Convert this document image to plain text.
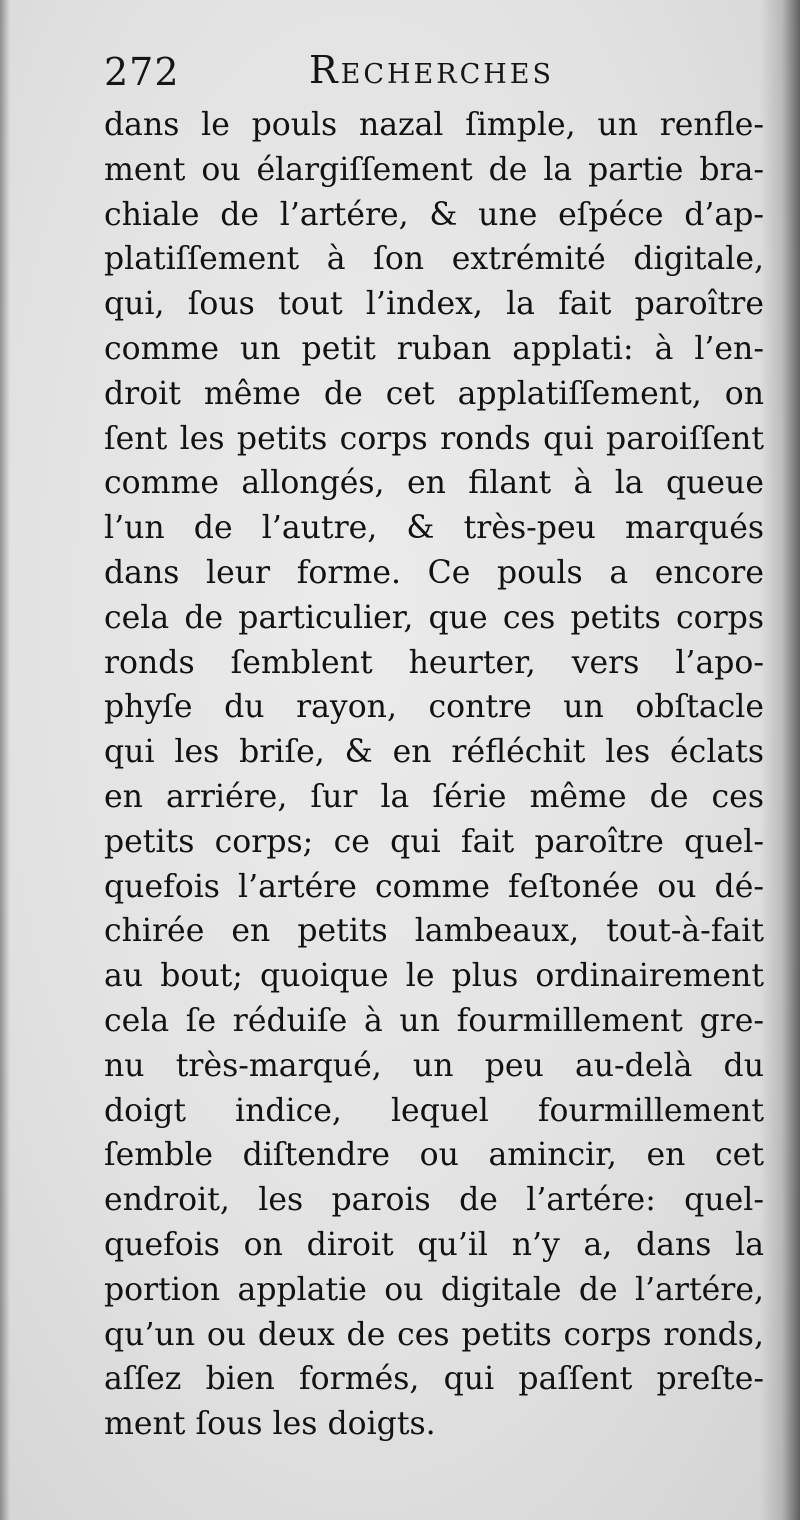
272	Recherches
dans le pouls nazal ſimple, un renfle-
ment ou élargiſſement de la partie bra-
chiale de l’artére, & une eſpéce d’ap-
platiſſement à ſon extrémité digitale,
qui, ſous tout l’index, la fait paroître
comme un petit ruban applati: à l’en-
droit même de cet applatiſſement, on
ſent les petits corps ronds qui paroiſſent
comme allongés, en filant à la queue
l’un de l’autre, & très-peu marqués
dans leur forme. Ce pouls a encore
cela de particulier, que ces petits corps
ronds ſemblent heurter, vers l’apo-
phyſe du rayon, contre un obſtacle
qui les briſe, & en réfléchit les éclats
en arriére, ſur la ſérie même de ces
petits corps; ce qui fait paroître quel-
quefois l’artére comme feſtonée ou dé-
chirée en petits lambeaux, tout-à-fait
au bout; quoique le plus ordinairement
cela ſe réduiſe à un fourmillement gre-
nu très-marqué, un peu au-delà du
doigt indice, lequel fourmillement
ſemble diſtendre ou amincir, en cet
endroit, les parois de l’artére: quel-
quefois on diroit qu’il n’y a, dans la
portion applatie ou digitale de l’artére,
qu’un ou deux de ces petits corps ronds,
aſſez bien formés, qui paſſent preſte-
ment ſous les doigts.
